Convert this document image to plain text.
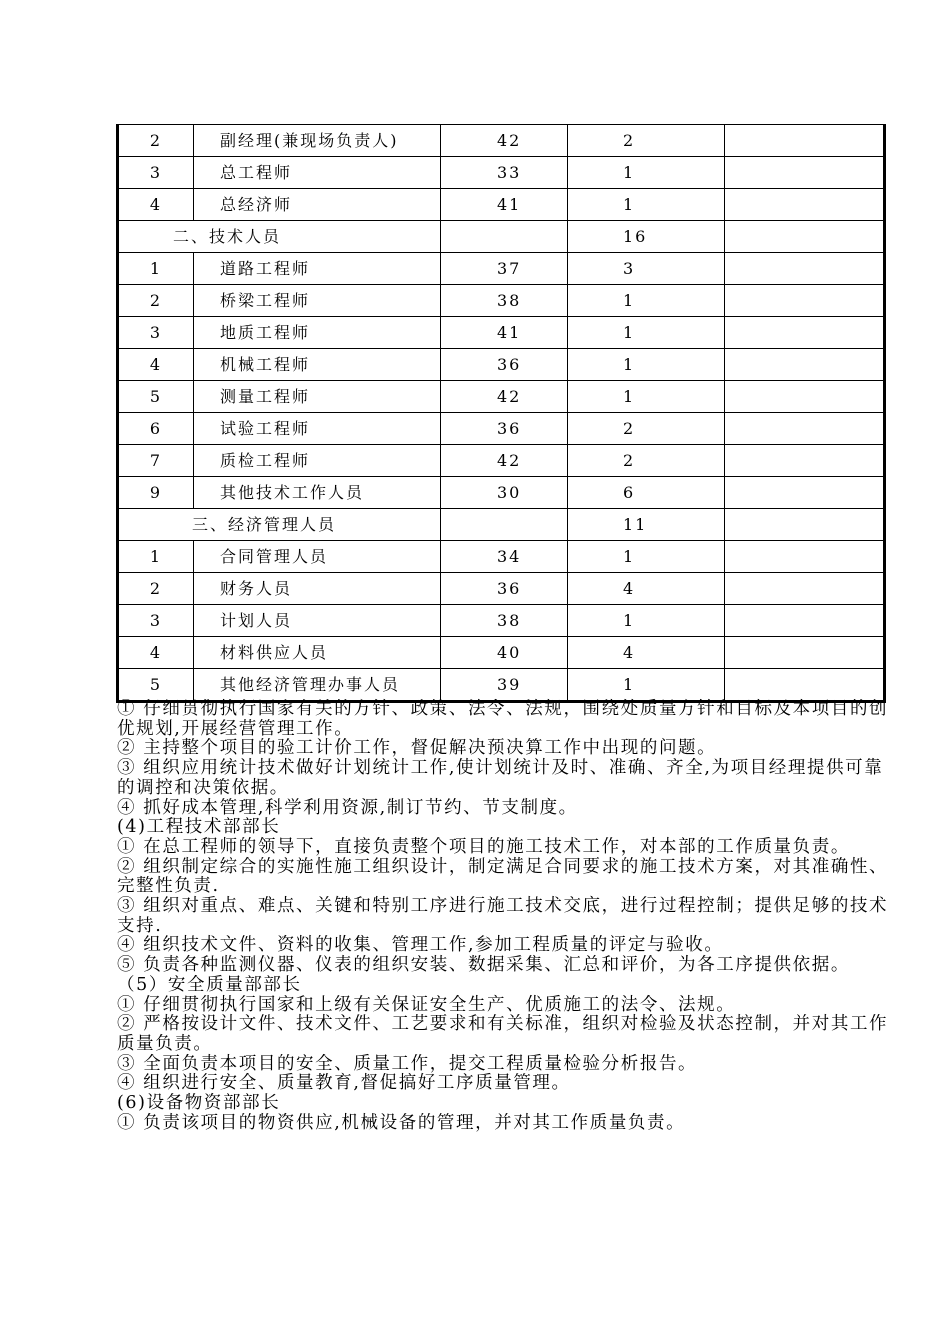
2	副经理(兼现场负责人)	42	2	
3	总工程师	33	1	
4	总经济师	41	1	
二、技术人员			16	
1	道路工程师	37	3	
2	桥梁工程师	38	1	
3	地质工程师	41	1	
4	机械工程师	36	1	
5	测量工程师	42	1	
6	试验工程师	36	2	
7	质检工程师	42	2	
9	其他技术工作人员	30	6	
三、经济管理人员			11	
1	合同管理人员	34	1	
2	财务人员	36	4	
3	计划人员	38	1	
4	材料供应人员	40	4	
5	其他经济管理办事人员	39	1	

① 仔细贯彻执行国家有关的方针、政策、法令、法规，围绕处质量方针和目标及本项目的创优规划,开展经营管理工作。

② 主持整个项目的验工计价工作，督促解决预决算工作中出现的问题。

③ 组织应用统计技术做好计划统计工作,使计划统计及时、准确、齐全,为项目经理提供可靠的调控和决策依据。

④ 抓好成本管理,科学利用资源,制订节约、节支制度。

(4)工程技术部部长

① 在总工程师的领导下，直接负责整个项目的施工技术工作，对本部的工作质量负责。

② 组织制定综合的实施性施工组织设计，制定满足合同要求的施工技术方案，对其准确性、完整性负责.

③ 组织对重点、难点、关键和特别工序进行施工技术交底，进行过程控制；提供足够的技术支持.

④ 组织技术文件、资料的收集、管理工作,参加工程质量的评定与验收。

⑤ 负责各种监测仪器、仪表的组织安装、数据采集、汇总和评价，为各工序提供依据。

（5）安全质量部部长

① 仔细贯彻执行国家和上级有关保证安全生产、优质施工的法令、法规。

② 严格按设计文件、技术文件、工艺要求和有关标准，组织对检验及状态控制，并对其工作质量负责。

③ 全面负责本项目的安全、质量工作，提交工程质量检验分析报告。

④ 组织进行安全、质量教育,督促搞好工序质量管理。

(6)设备物资部部长

① 负责该项目的物资供应,机械设备的管理，并对其工作质量负责。
